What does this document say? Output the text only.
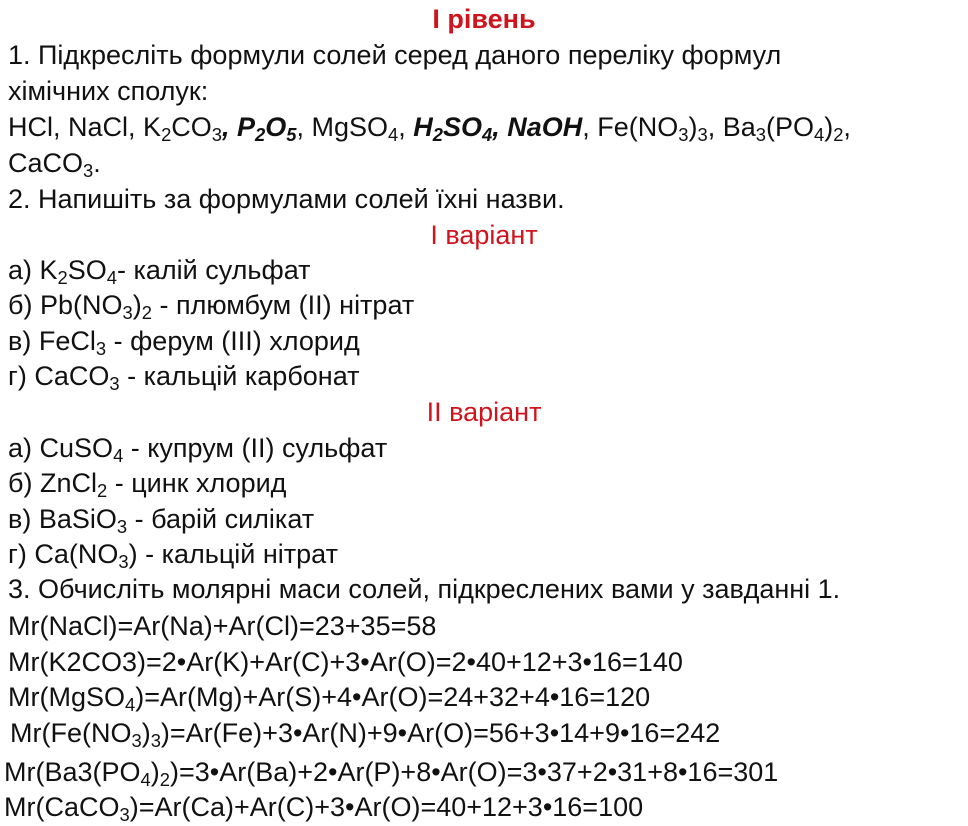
I рівень
1. Підкресліть формули солей серед даного переліку формул
хімічних сполук:
HCl, NaCl, $K_2CO_3$, $P_2O_5$, MgSO$_4$, $H_2SO_4$, NaOH, $Fe(NO_3)_3$, $Ba_3(PO_4)_2$,
CaCO$_3$.
2. Напишіть за формулами солей їхні назви.
I варіант
а) $K_2SO_4-$ калій сульфат
б) $Pb(NO_3)_2$ - плюмбум (II) нітрат
в) FeCl$_3$ - ферум (III) хлорид
г) CaCO$_3$ - кальцій карбонат
II варіант
а) CuSO$_4$ - купрум (II) сульфат
б) ZnCl$_2$ - цинк хлорид
в) BaSiO$_3$ - барій силікат
г) $Ca(NO_3)$ - кальцій нітрат
3. Обчисліть молярні маси солей, підкреслених вами у завданні 1.
Mr(NaCl)=Ar(Na)+Ar(Cl)=23+35=58
Mr(K2CO3)=2•Ar(K)+Ar(C)+3•Ar(O)=2•40+12+3•16=140
Mr(MgSO$_4$)=Ar(Mg)+Ar(S)+4•Ar(O)=24+32+4•16=120
$Mr(Fe(NO_3)_3)=Ar(Fe)+3•Ar(N)+9•Ar(O)=56+3•14+9•16=242$
$Mr(Ba3(PO_4)_2)=3•Ar(Ba)+2•Ar(P)+8•Ar(O)=3•37+2•31+8•16=301$
Mr(CaCO$_3$)=Ar(Ca)+Ar(C)+3•Ar(O)=40+12+3•16=100
